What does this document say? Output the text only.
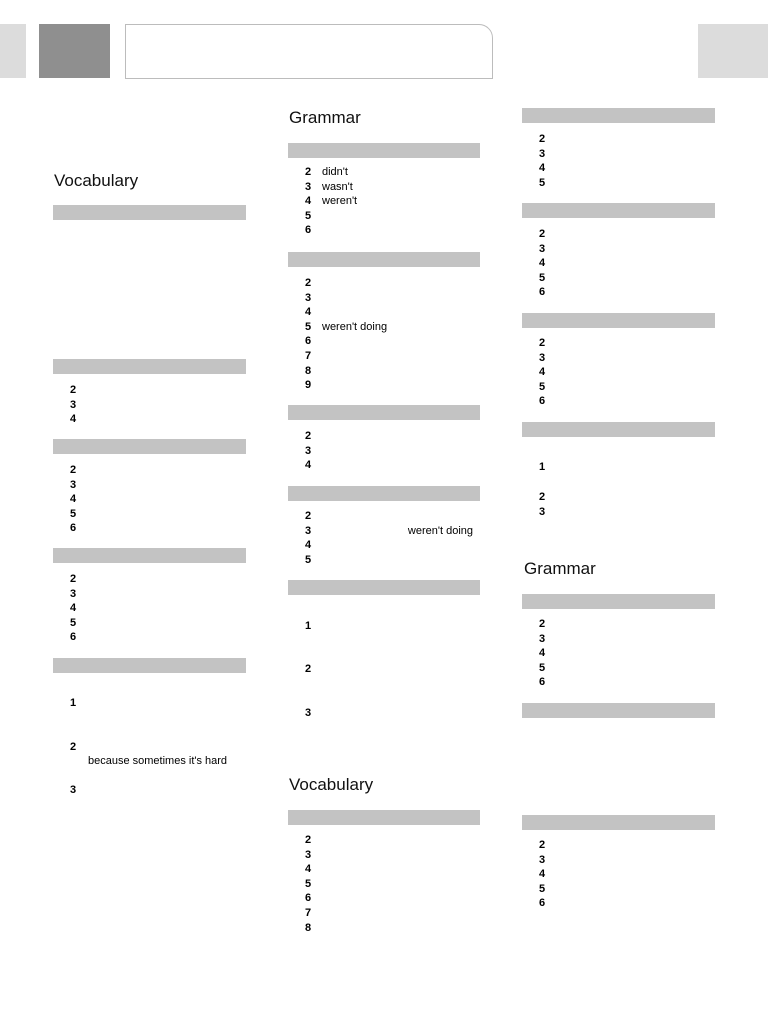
Vocabulary
2
3
4
2
3
4
5
6
2
3
4
5
6
1
2
because sometimes it's hard
3
Grammar
2 didn't
3 wasn't
4 weren't
5
6
2
3
4
5 weren't doing
6
7
8
9
2
3
4
2
3	weren't doing
4
5
1
2
3
Vocabulary
2
3
4
5
6
7
8
2
3
4
5
2
3
4
5
6
2
3
4
5
6
1
2
3
Grammar
2
3
4
5
6
2
3
4
5
6
